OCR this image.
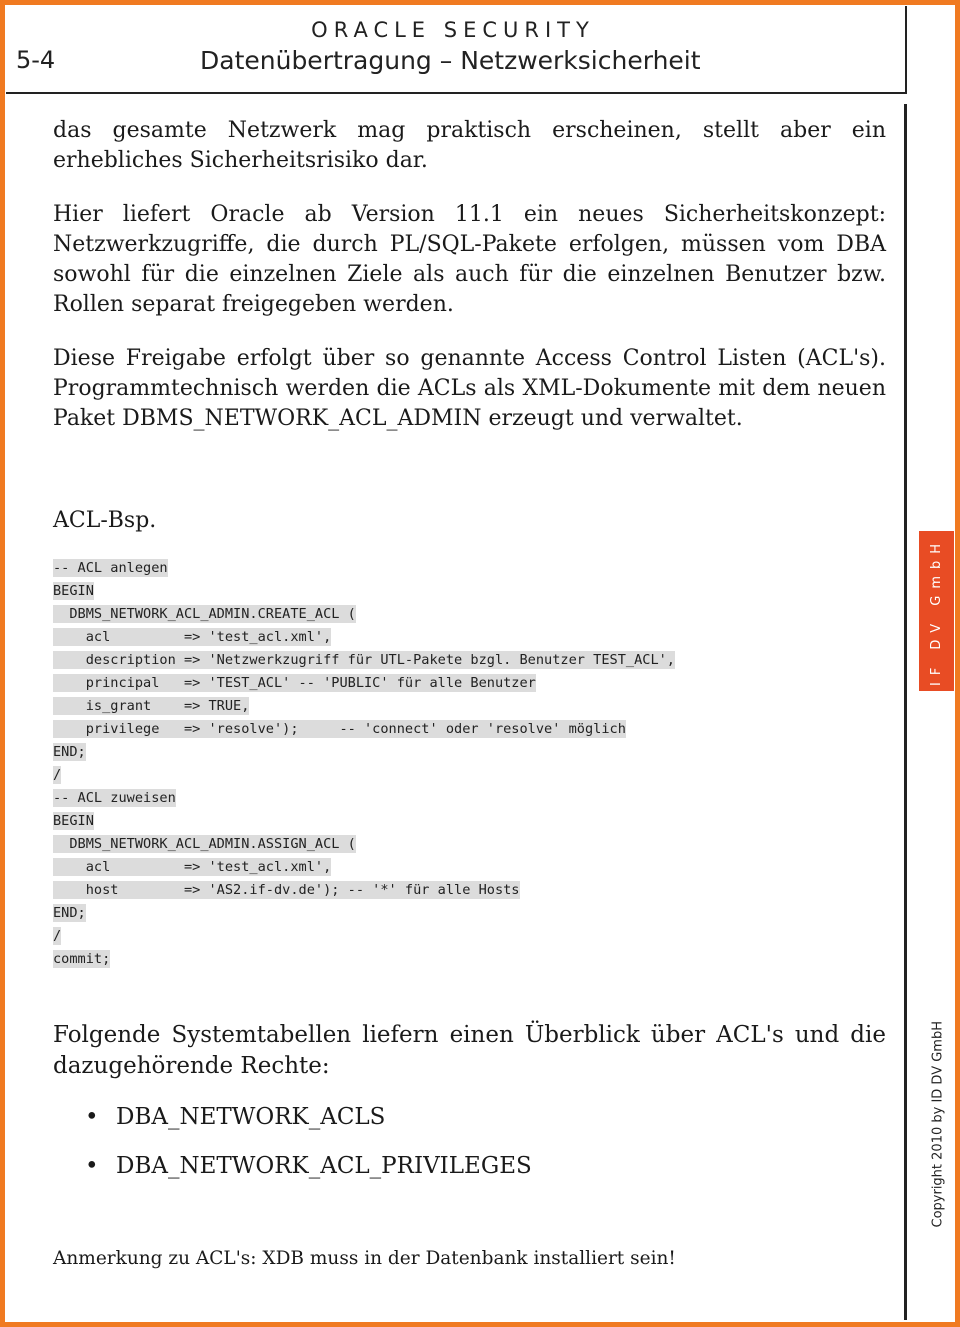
ORACLE SECURITY
5-4	Datenübertragung – Netzwerksicherheit

das gesamte Netzwerk mag praktisch erscheinen, stellt aber ein erhebliches Sicherheitsrisiko dar.

Hier liefert Oracle ab Version 11.1 ein neues Sicherheitskonzept: Netzwerkzugriffe, die durch PL/SQL-Pakete erfolgen, müssen vom DBA sowohl für die einzelnen Ziele als auch für die einzelnen Benutzer bzw. Rollen separat freigegeben werden.

Diese Freigabe erfolgt über so genannte Access Control Listen (ACL's). Programmtechnisch werden die ACLs als XML-Dokumente mit dem neuen Paket DBMS_NETWORK_ACL_ADMIN erzeugt und verwaltet.

ACL-Bsp.

-- ACL anlegen
BEGIN
DBMS_NETWORK_ACL_ADMIN.CREATE_ACL (
acl         => 'test_acl.xml',
description => 'Netzwerkzugriff für UTL-Pakete bzgl. Benutzer TEST_ACL',
principal   => 'TEST_ACL' -- 'PUBLIC' für alle Benutzer
is_grant    => TRUE,
privilege   => 'resolve');     -- 'connect' oder 'resolve' möglich
END;
/
-- ACL zuweisen
BEGIN
DBMS_NETWORK_ACL_ADMIN.ASSIGN_ACL (
acl         => 'test_acl.xml',
host        => 'AS2.if-dv.de'); -- '*' für alle Hosts
END;
/
commit;

Folgende Systemtabellen liefern einen Überblick über ACL's und die dazugehörende Rechte:

• DBA_NETWORK_ACLS
• DBA_NETWORK_ACL_PRIVILEGES

Anmerkung zu ACL's: XDB muss in der Datenbank installiert sein!

IF DV GmbH
Copyright 2010 by ID DV GmbH
